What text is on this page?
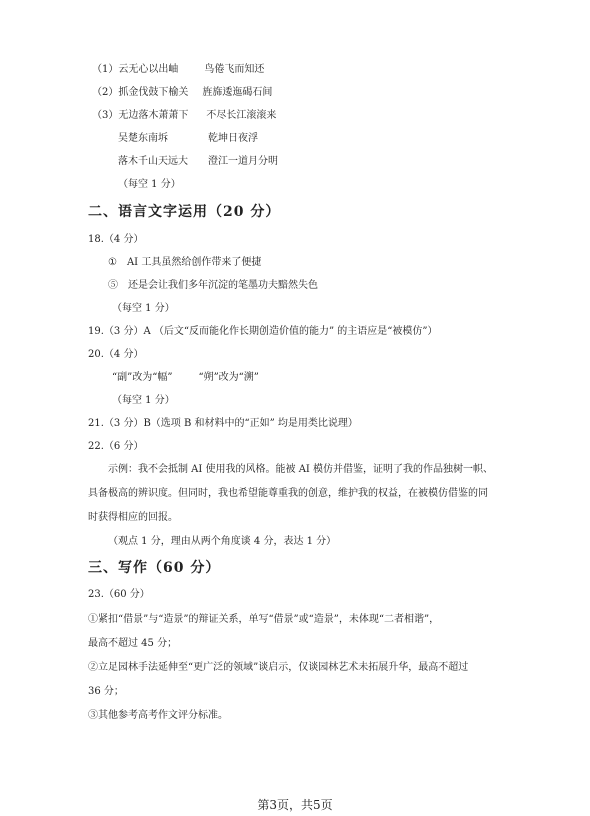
（1）云无心以出岫	鸟倦飞而知还
（2）抓金伐鼓下榆关 旌旆逶迤碣石间
（3）无边落木萧萧下 不尽长江滚滚来
吴楚东南坼	乾坤日夜浮
落木千山天远大 澄江一道月分明
（每空 1 分）
二、语言文字运用（20 分）
18.（4 分）
①　AI 工具虽然给创作带来了便捷
⑤　还是会让我们多年沉淀的笔墨功夫黯然失色
（每空 1 分）
19.（3 分）A （后文“反而能化作长期创造价值的能力” 的主语应是“被模仿”）
20.（4 分）
“副”改为“幅”	“朔”改为“溯”
（每空 1 分）
21.（3 分）B（选项 B 和材料中的“正如” 均是用类比说理）
22.（6 分）
示例：我不会抵制 AI 使用我的风格。能被 AI 模仿并借鉴，证明了我的作品独树一帜、
具备极高的辨识度。但同时，我也希望能尊重我的创意，维护我的权益，在被模仿借鉴的同
时获得相应的回报。
（观点 1 分，理由从两个角度谈 4 分，表达 1 分）
三、写作（60 分）
23.（60 分）
①紧扣“借景”与“造景”的辩证关系，单写“借景”或“造景”，未体现“二者相谐”，
最高不超过 45 分；
②立足园林手法延伸至“更广泛的领域”谈启示，仅谈园林艺术未拓展升华，最高不超过
36 分；
③其他参考高考作文评分标准。
第3页，共5页
